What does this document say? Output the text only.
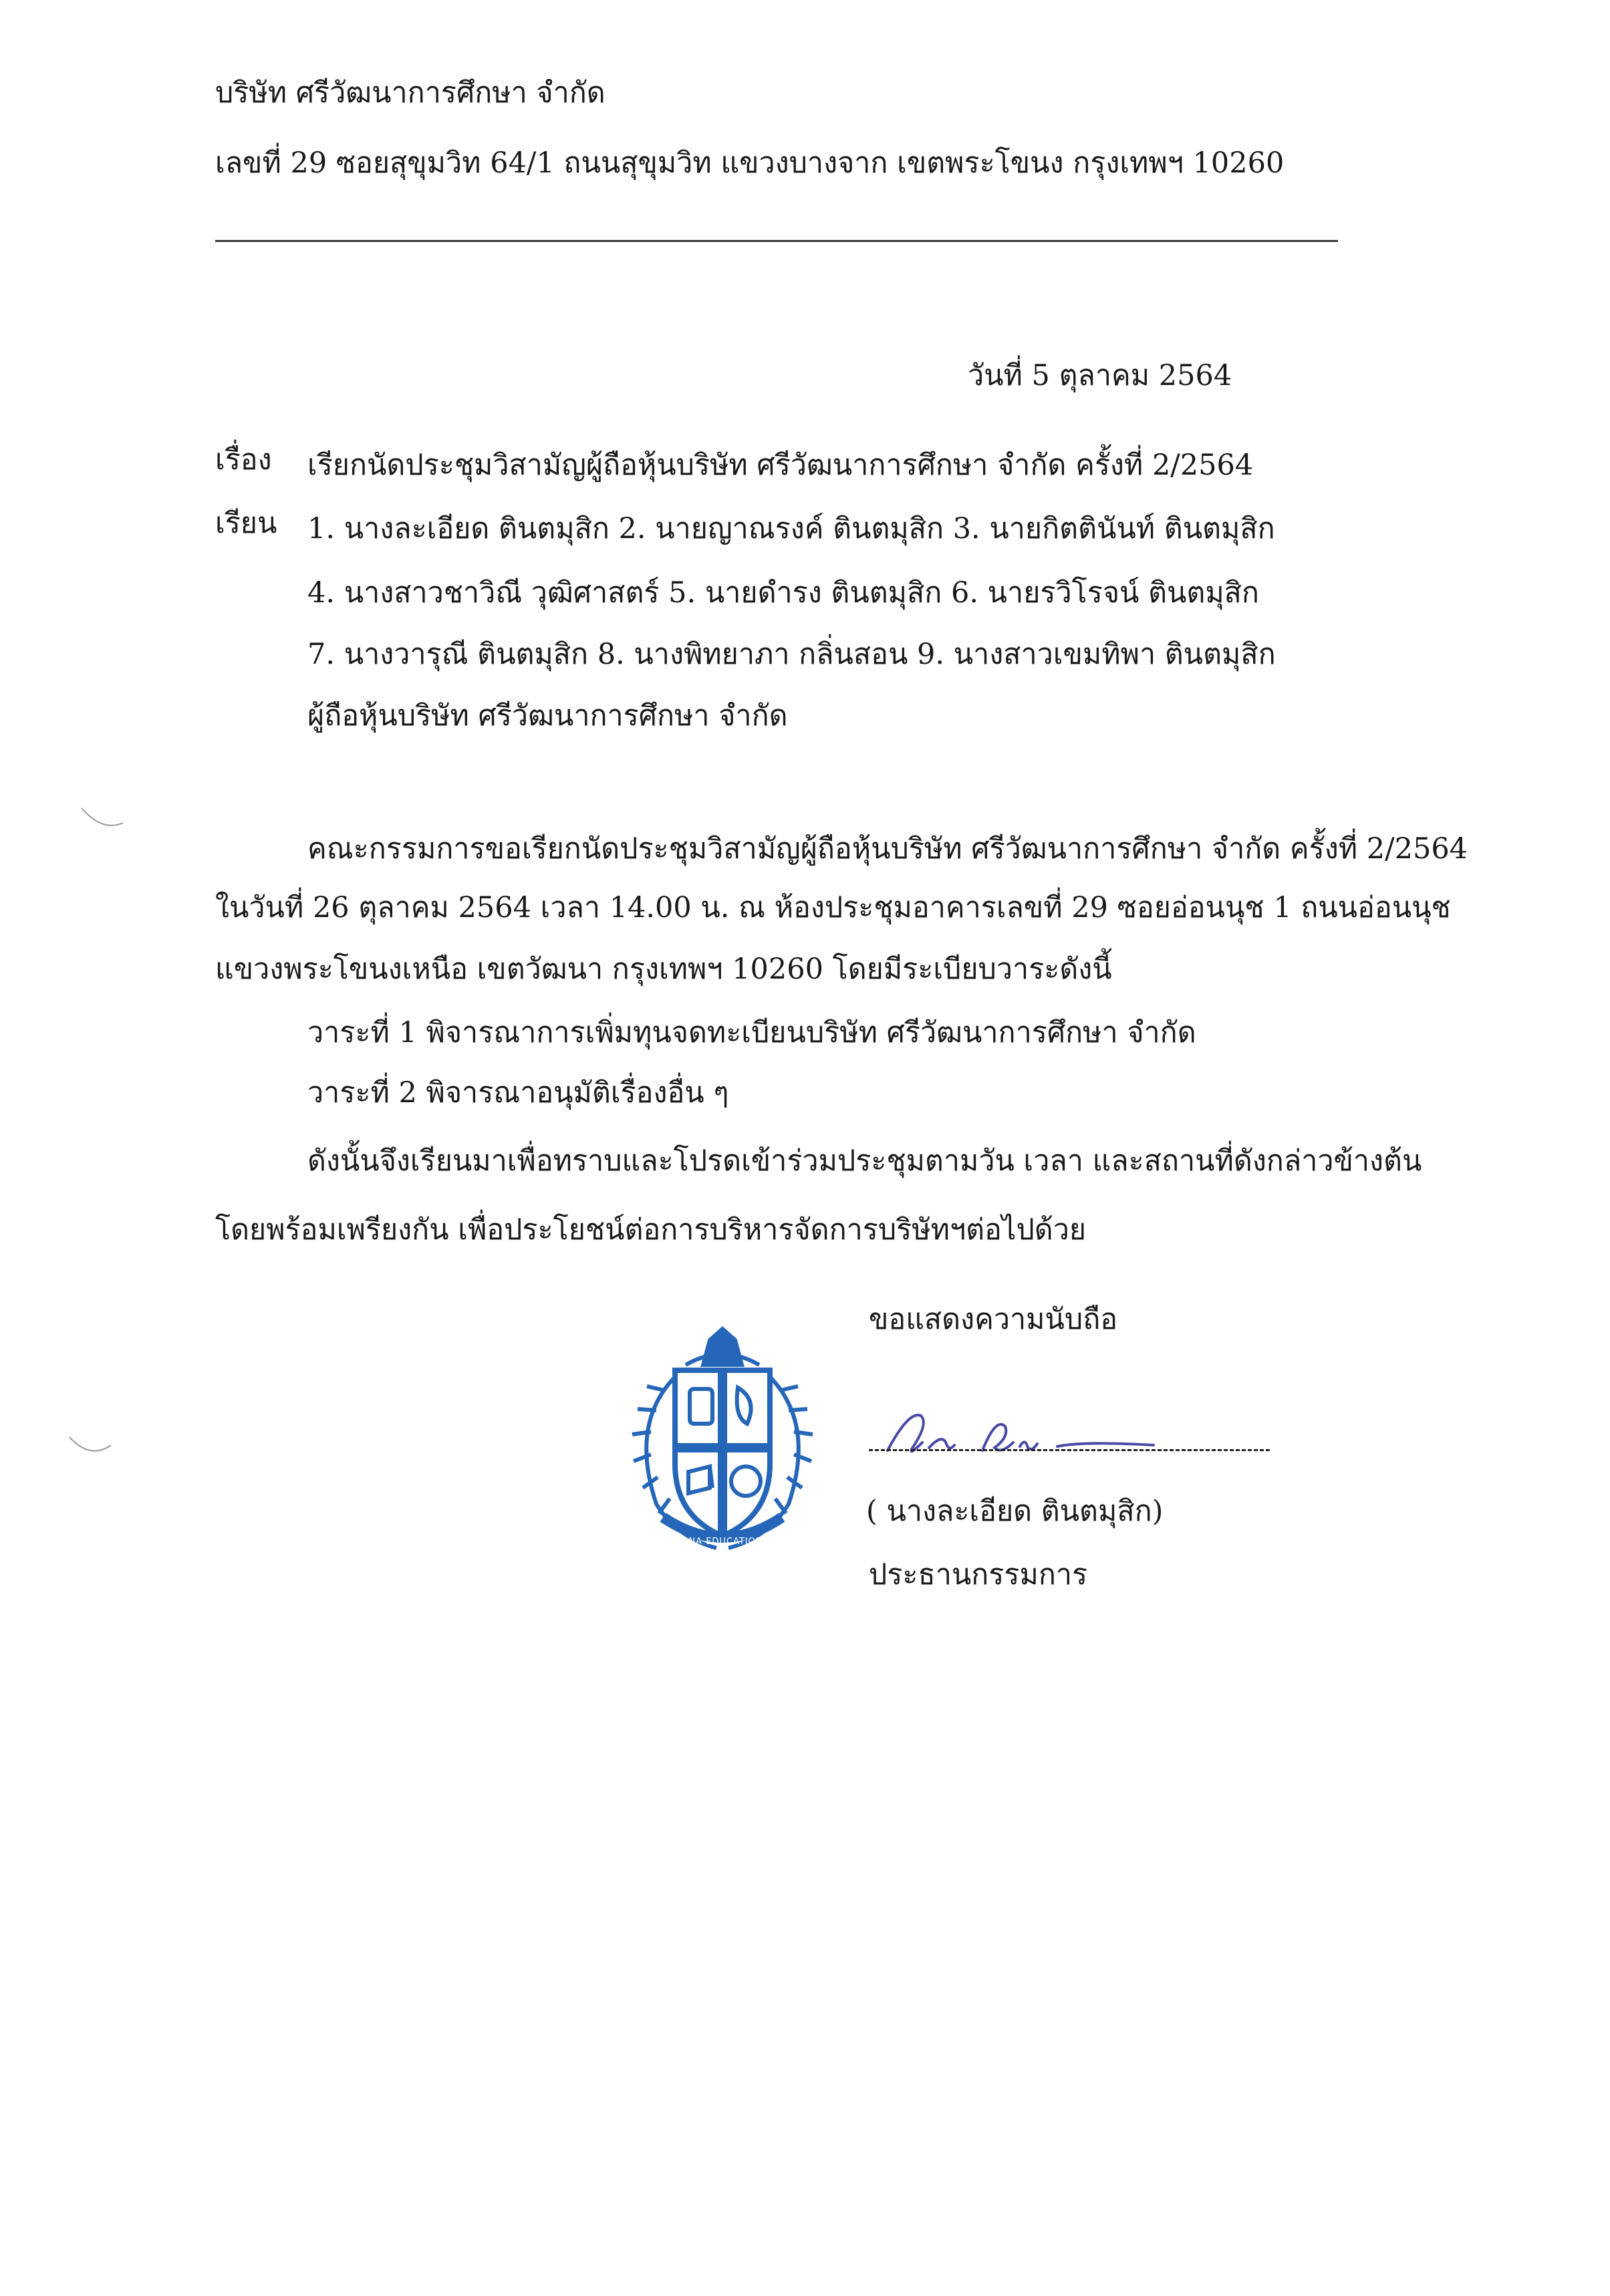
บริษัท ศรีวัฒนาการศึกษา จำกัด
เลขที่ 29 ซอยสุขุมวิท 64/1 ถนนสุขุมวิท แขวงบางจาก เขตพระโขนง กรุงเทพฯ 10260
วันที่ 5 ตุลาคม 2564
เรื่อง เรียกนัดประชุมวิสามัญผู้ถือหุ้นบริษัท ศรีวัฒนาการศึกษา จำกัด ครั้งที่ 2/2564
เรียน 1. นางละเอียด ตินตมุสิก 2. นายญาณรงค์ ตินตมุสิก 3. นายกิตตินันท์ ตินตมุสิก
4. นางสาวชาวิณี วุฒิศาสตร์ 5. นายดำรง ตินตมุสิก 6. นายรวิโรจน์ ตินตมุสิก
7. นางวารุณี ตินตมุสิก 8. นางพิทยาภา กลิ่นสอน 9. นางสาวเขมทิพา ตินตมุสิก
ผู้ถือหุ้นบริษัท ศรีวัฒนาการศึกษา จำกัด
คณะกรรมการขอเรียกนัดประชุมวิสามัญผู้ถือหุ้นบริษัท ศรีวัฒนาการศึกษา จำกัด ครั้งที่ 2/2564
ในวันที่ 26 ตุลาคม 2564 เวลา 14.00 น. ณ ห้องประชุมอาคารเลขที่ 29 ซอยอ่อนนุช 1 ถนนอ่อนนุช
แขวงพระโขนงเหนือ เขตวัฒนา กรุงเทพฯ 10260 โดยมีระเบียบวาระดังนี้
วาระที่ 1 พิจารณาการเพิ่มทุนจดทะเบียนบริษัท ศรีวัฒนาการศึกษา จำกัด
วาระที่ 2 พิจารณาอนุมัติเรื่องอื่น ๆ
ดังนั้นจึงเรียนมาเพื่อทราบและโปรดเข้าร่วมประชุมตามวัน เวลา และสถานที่ดังกล่าวข้างต้น
โดยพร้อมเพรียงกัน เพื่อประโยชน์ต่อการบริหารจัดการบริษัทฯต่อไปด้วย
ขอแสดงความนับถือ
SRI WATTANA EDUCATION CO.,LTD.
( นางละเอียด ตินตมุสิก)
ประธานกรรมการ
